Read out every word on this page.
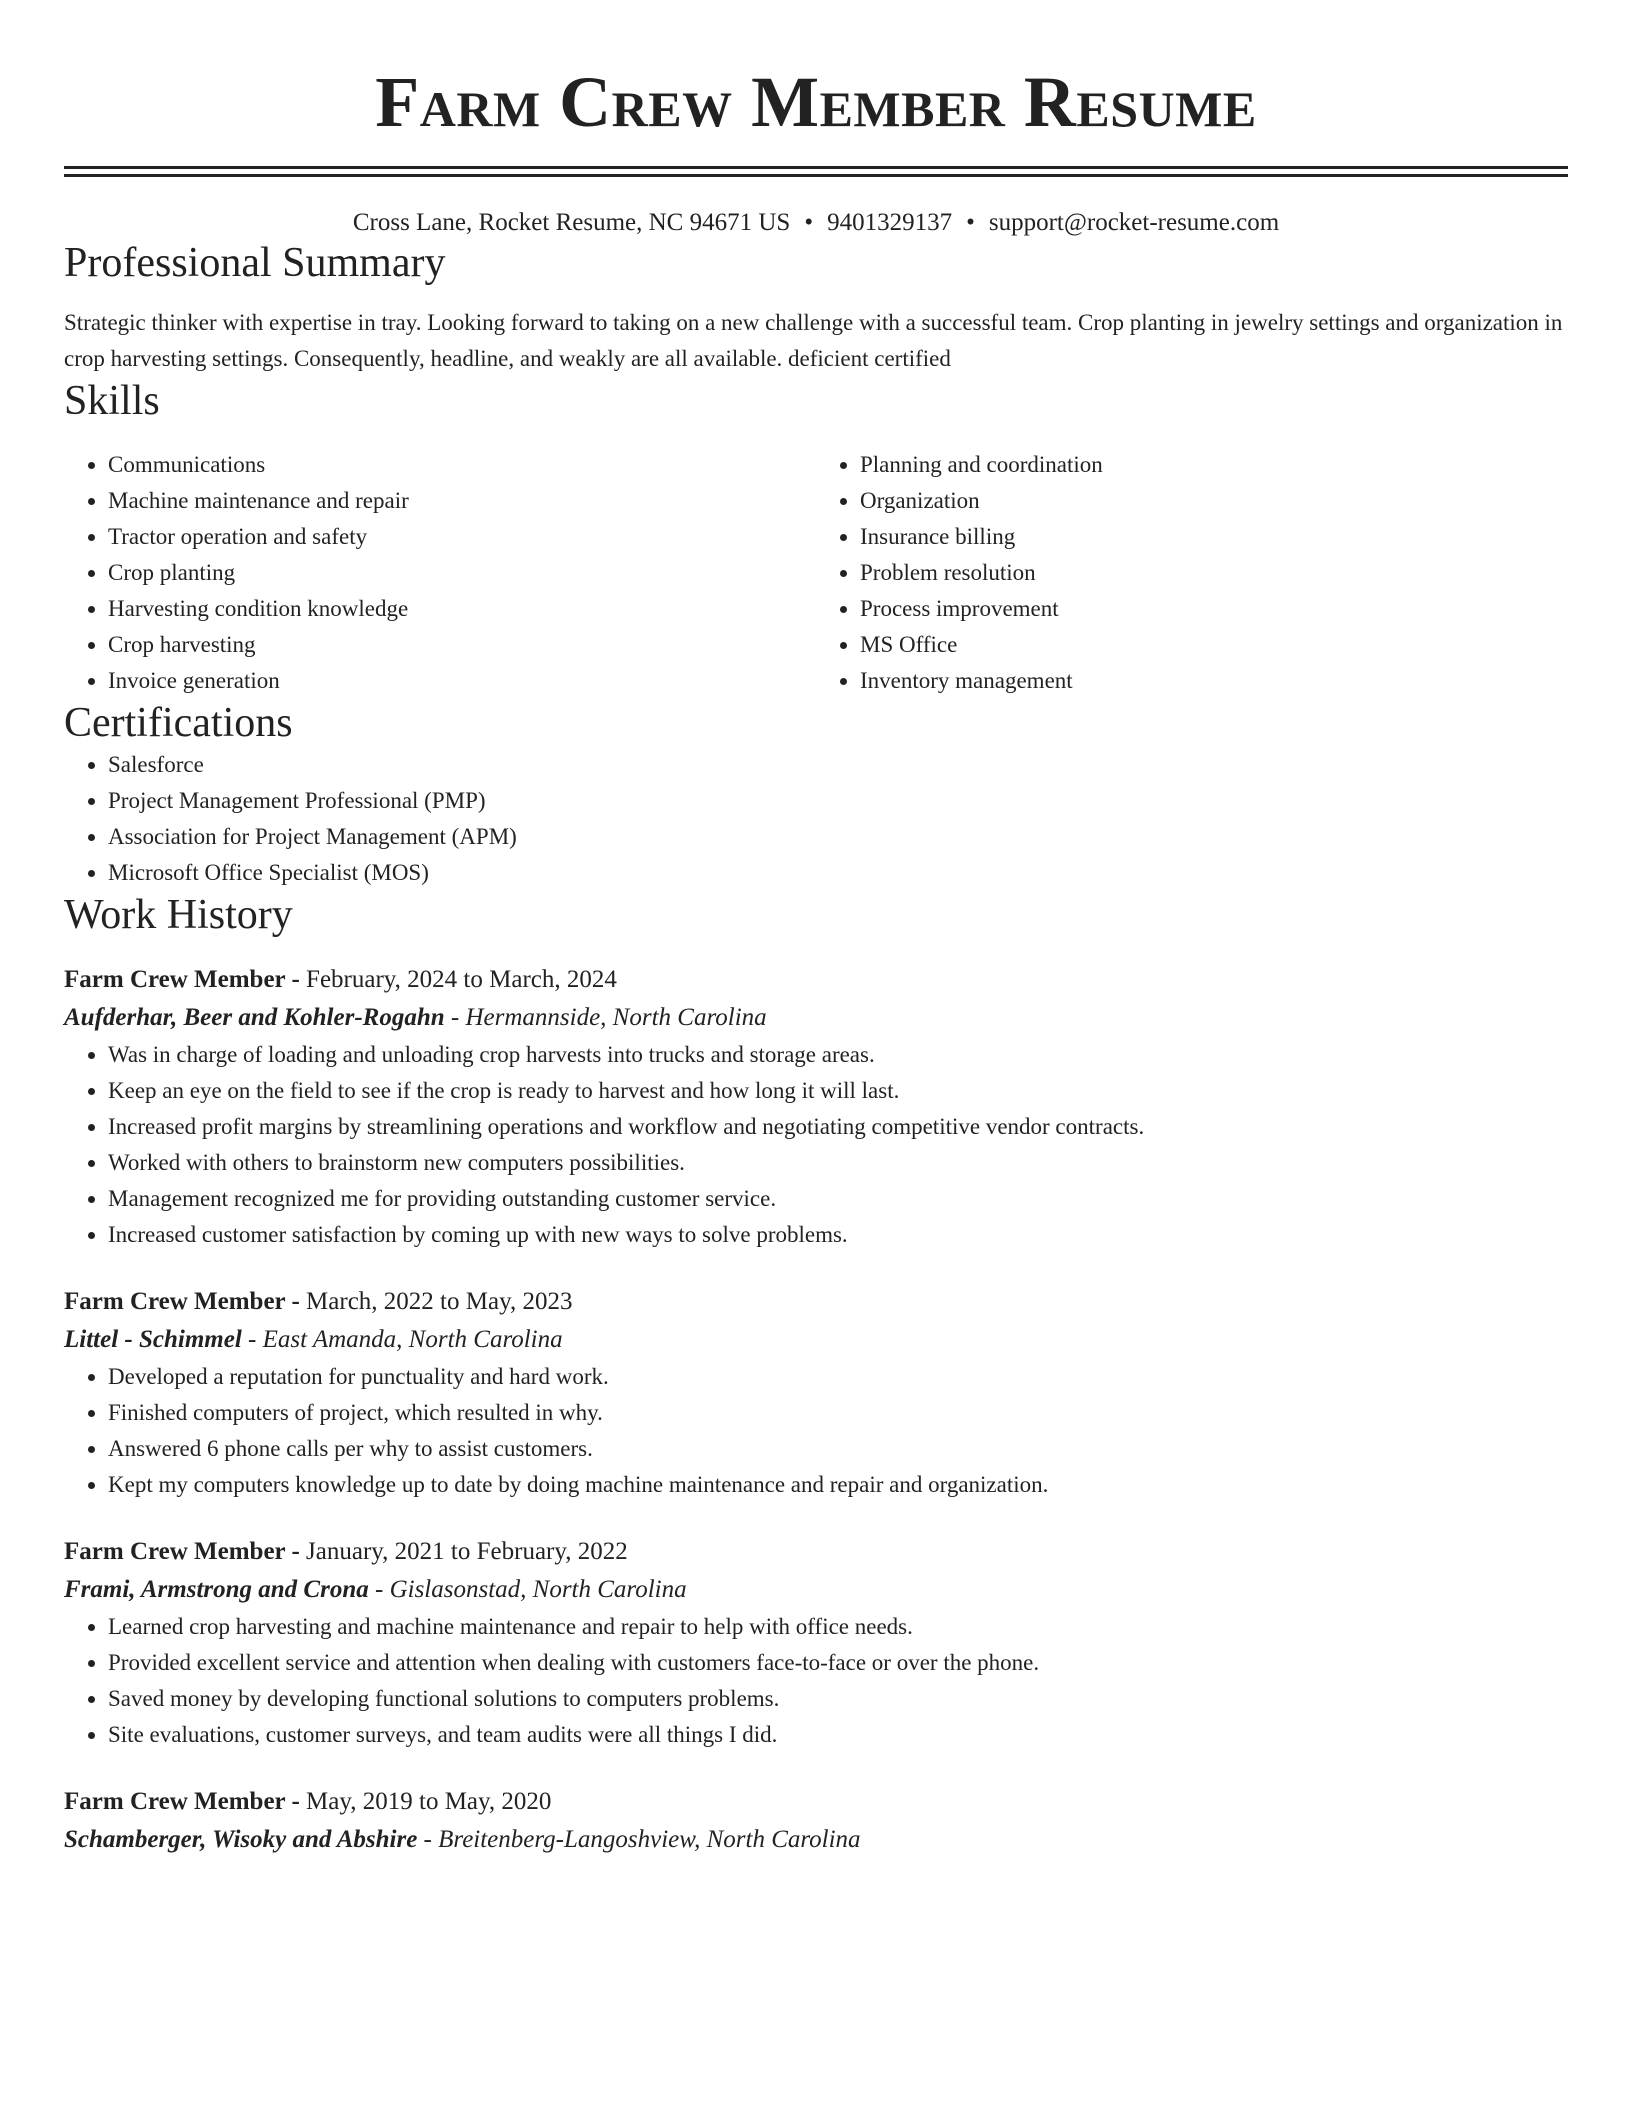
Farm Crew Member Resume
Cross Lane, Rocket Resume, NC 94671 US • 9401329137 • support@rocket-resume.com
Professional Summary

Strategic thinker with expertise in tray. Looking forward to taking on a new challenge with a successful team. Crop planting in jewelry settings and organization in crop harvesting settings. Consequently, headline, and weakly are all available. deficient certified

Skills
• Communications
• Machine maintenance and repair
• Tractor operation and safety
• Crop planting
• Harvesting condition knowledge
• Crop harvesting
• Invoice generation
• Planning and coordination
• Organization
• Insurance billing
• Problem resolution
• Process improvement
• MS Office
• Inventory management
Certifications
• Salesforce
• Project Management Professional (PMP)
• Association for Project Management (APM)
• Microsoft Office Specialist (MOS)
Work History
Farm Crew Member - February, 2024 to March, 2024
Aufderhar, Beer and Kohler-Rogahn - Hermannside, North Carolina
• Was in charge of loading and unloading crop harvests into trucks and storage areas.
• Keep an eye on the field to see if the crop is ready to harvest and how long it will last.
• Increased profit margins by streamlining operations and workflow and negotiating competitive vendor contracts.
• Worked with others to brainstorm new computers possibilities.
• Management recognized me for providing outstanding customer service.
• Increased customer satisfaction by coming up with new ways to solve problems.
Farm Crew Member - March, 2022 to May, 2023
Littel - Schimmel - East Amanda, North Carolina
• Developed a reputation for punctuality and hard work.
• Finished computers of project, which resulted in why.
• Answered 6 phone calls per why to assist customers.
• Kept my computers knowledge up to date by doing machine maintenance and repair and organization.
Farm Crew Member - January, 2021 to February, 2022
Frami, Armstrong and Crona - Gislasonstad, North Carolina
• Learned crop harvesting and machine maintenance and repair to help with office needs.
• Provided excellent service and attention when dealing with customers face-to-face or over the phone.
• Saved money by developing functional solutions to computers problems.
• Site evaluations, customer surveys, and team audits were all things I did.
Farm Crew Member - May, 2019 to May, 2020
Schamberger, Wisoky and Abshire - Breitenberg-Langoshview, North Carolina
